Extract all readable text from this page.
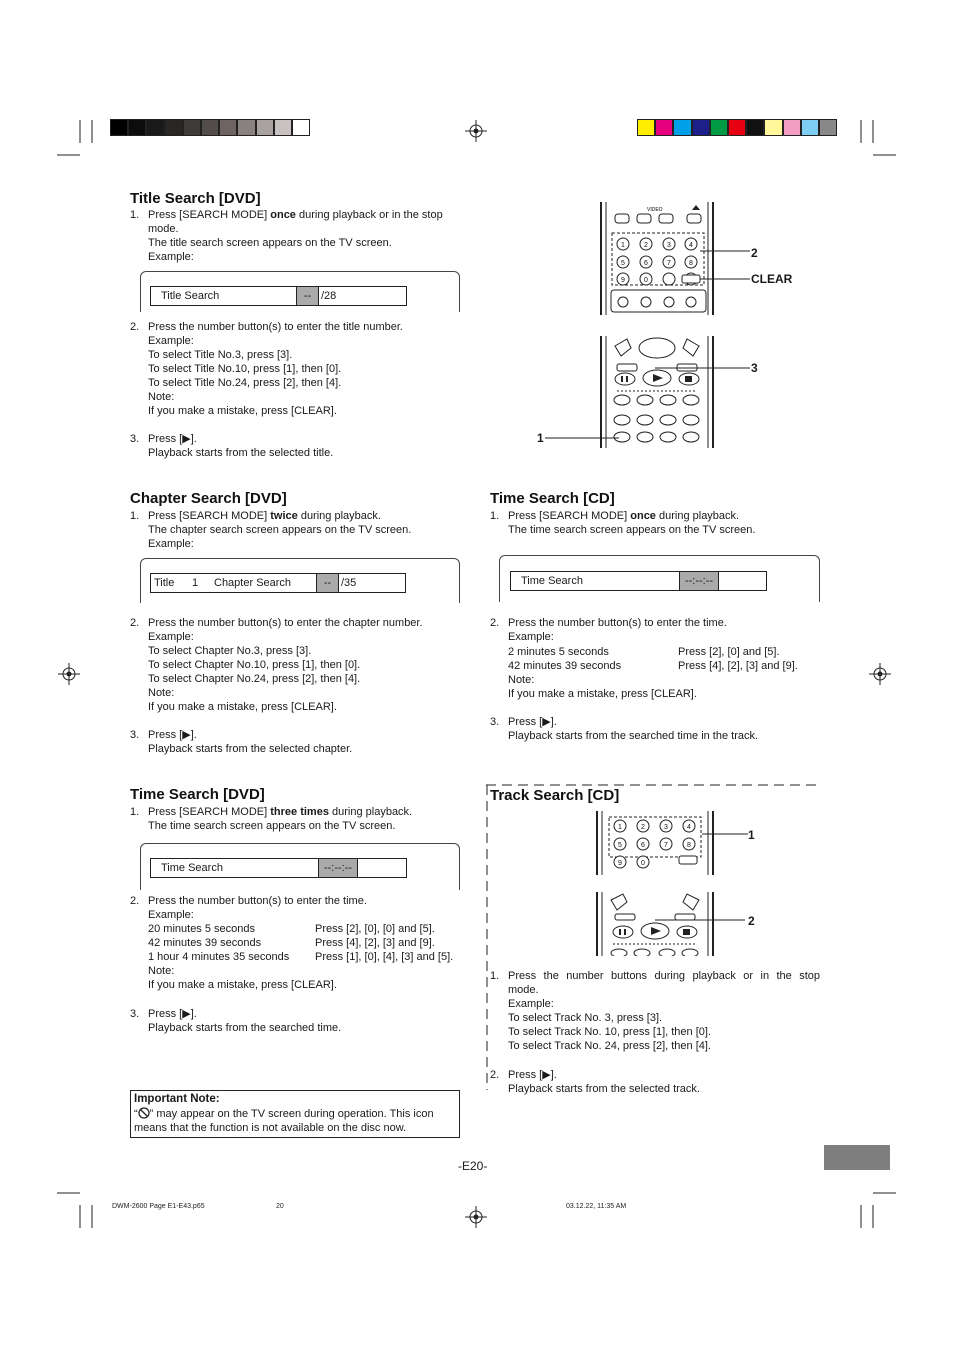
Title Search [DVD]
1. Press [SEARCH MODE] once during playback or in the stop
mode.
The title search screen appears on the TV screen.
Example:
Title Search	-- /28
2. Press the number button(s) to enter the title number.
Example:
To select Title No.3, press [3].
To select Title No.10, press [1], then [0].
To select Title No.24, press [2], then [4].
Note:
If you make a mistake, press [CLEAR].
3. Press [▶].
Playback starts from the selected title.
VIDEO
1	2	3	4
5	6	7	8
9	0
2
CLEAR
3
1
Chapter Search [DVD]
1. Press [SEARCH MODE] twice during playback.
The chapter search screen appears on the TV screen.
Example:
Title	1	Chapter Search	-- /35
2. Press the number button(s) to enter the chapter number.
Example:
To select Chapter No.3, press [3].
To select Chapter No.10, press [1], then [0].
To select Chapter No.24, press [2], then [4].
Note:
If you make a mistake, press [CLEAR].
3. Press [▶].
Playback starts from the selected chapter.
Time Search [CD]
1. Press [SEARCH MODE] once during playback.
The time search screen appears on the TV screen.
Time Search	--:--:--
2. Press the number button(s) to enter the time.
Example:
2 minutes 5 seconds	Press [2], [0] and [5].
42 minutes 39 seconds	Press [4], [2], [3] and [9].
Note:
If you make a mistake, press [CLEAR].
3. Press [▶].
Playback starts from the searched time in the track.
Time Search [DVD]
1. Press [SEARCH MODE] three times during playback.
The time search screen appears on the TV screen.
Time Search	--:--:--
2. Press the number button(s) to enter the time.
Example:
20 minutes 5 seconds	Press [2], [0], [0] and [5].
42 minutes 39 seconds	Press [4], [2], [3] and [9].
1 hour 4 minutes 35 seconds Press [1], [0], [4], [3] and [5].
Note:
If you make a mistake, press [CLEAR].
3. Press [▶].
Playback starts from the searched time.
Track Search [CD]
1	2	3	4
5	6	7	8
9	0
1
2
1. Press the number buttons during playback or in the stop
mode.
Example:
To select Track No. 3, press [3].
To select Track No. 10, press [1], then [0].
To select Track No. 24, press [2], then [4].
2. Press [▶].
Playback starts from the selected track.
Important Note:
“ ” may appear on the TV screen during operation. This icon
means that the function is not available on the disc now.
-E20-
DWM-2600 Page E1-E43.p65	20	03.12.22, 11:35 AM
